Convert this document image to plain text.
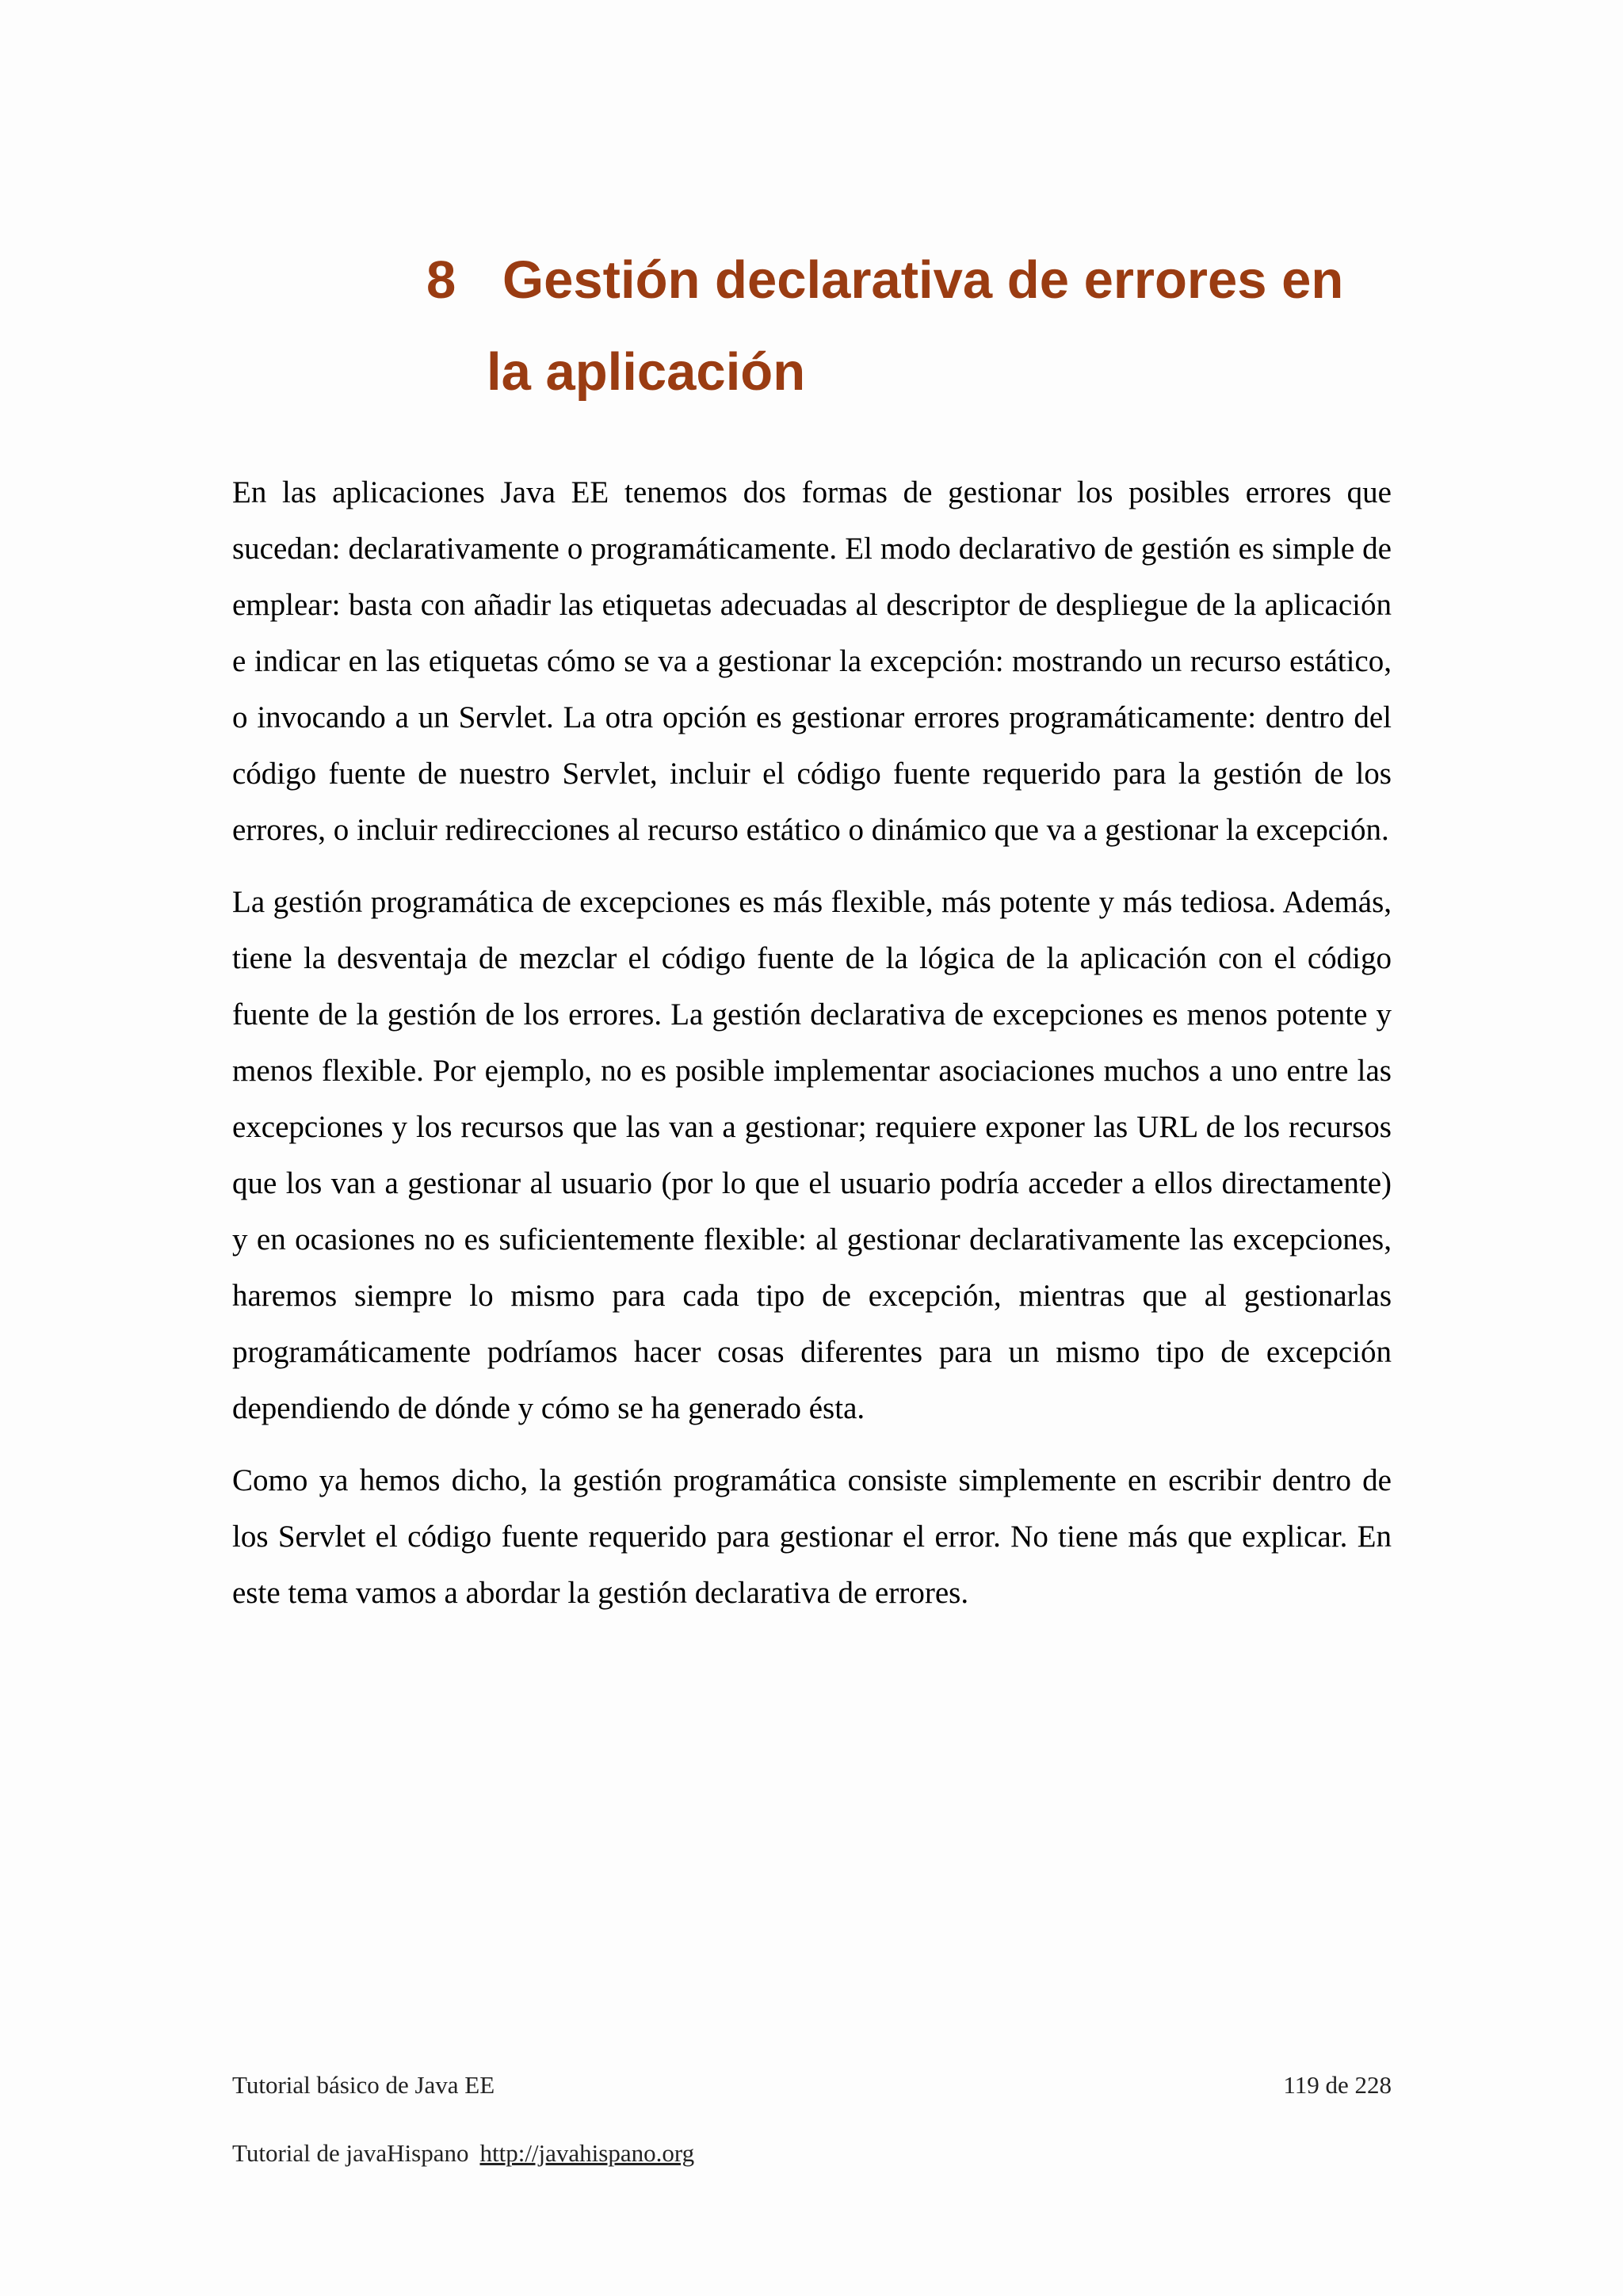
8 Gestión declarativa de errores en
la aplicación

En las aplicaciones Java EE tenemos dos formas de gestionar los posibles errores que sucedan: declarativamente o programáticamente. El modo declarativo de gestión es simple de emplear: basta con añadir las etiquetas adecuadas al descriptor de despliegue de la aplicación e indicar en las etiquetas cómo se va a gestionar la excepción: mostrando un recurso estático, o invocando a un Servlet. La otra opción es gestionar errores programáticamente: dentro del código fuente de nuestro Servlet, incluir el código fuente requerido para la gestión de los errores, o incluir redirecciones al recurso estático o dinámico que va a gestionar la excepción.

La gestión programática de excepciones es más flexible, más potente y más tediosa. Además, tiene la desventaja de mezclar el código fuente de la lógica de la aplicación con el código fuente de la gestión de los errores. La gestión declarativa de excepciones es menos potente y menos flexible. Por ejemplo, no es posible implementar asociaciones muchos a uno entre las excepciones y los recursos que las van a gestionar; requiere exponer las URL de los recursos que los van a gestionar al usuario (por lo que el usuario podría acceder a ellos directamente) y en ocasiones no es suficientemente flexible: al gestionar declarativamente las excepciones, haremos siempre lo mismo para cada tipo de excepción, mientras que al gestionarlas programáticamente podríamos hacer cosas diferentes para un mismo tipo de excepción dependiendo de dónde y cómo se ha generado ésta.

Como ya hemos dicho, la gestión programática consiste simplemente en escribir dentro de los Servlet el código fuente requerido para gestionar el error. No tiene más que explicar. En este tema vamos a abordar la gestión declarativa de errores.

Tutorial básico de Java EE	119 de 228
Tutorial de javaHispano http://javahispano.org
